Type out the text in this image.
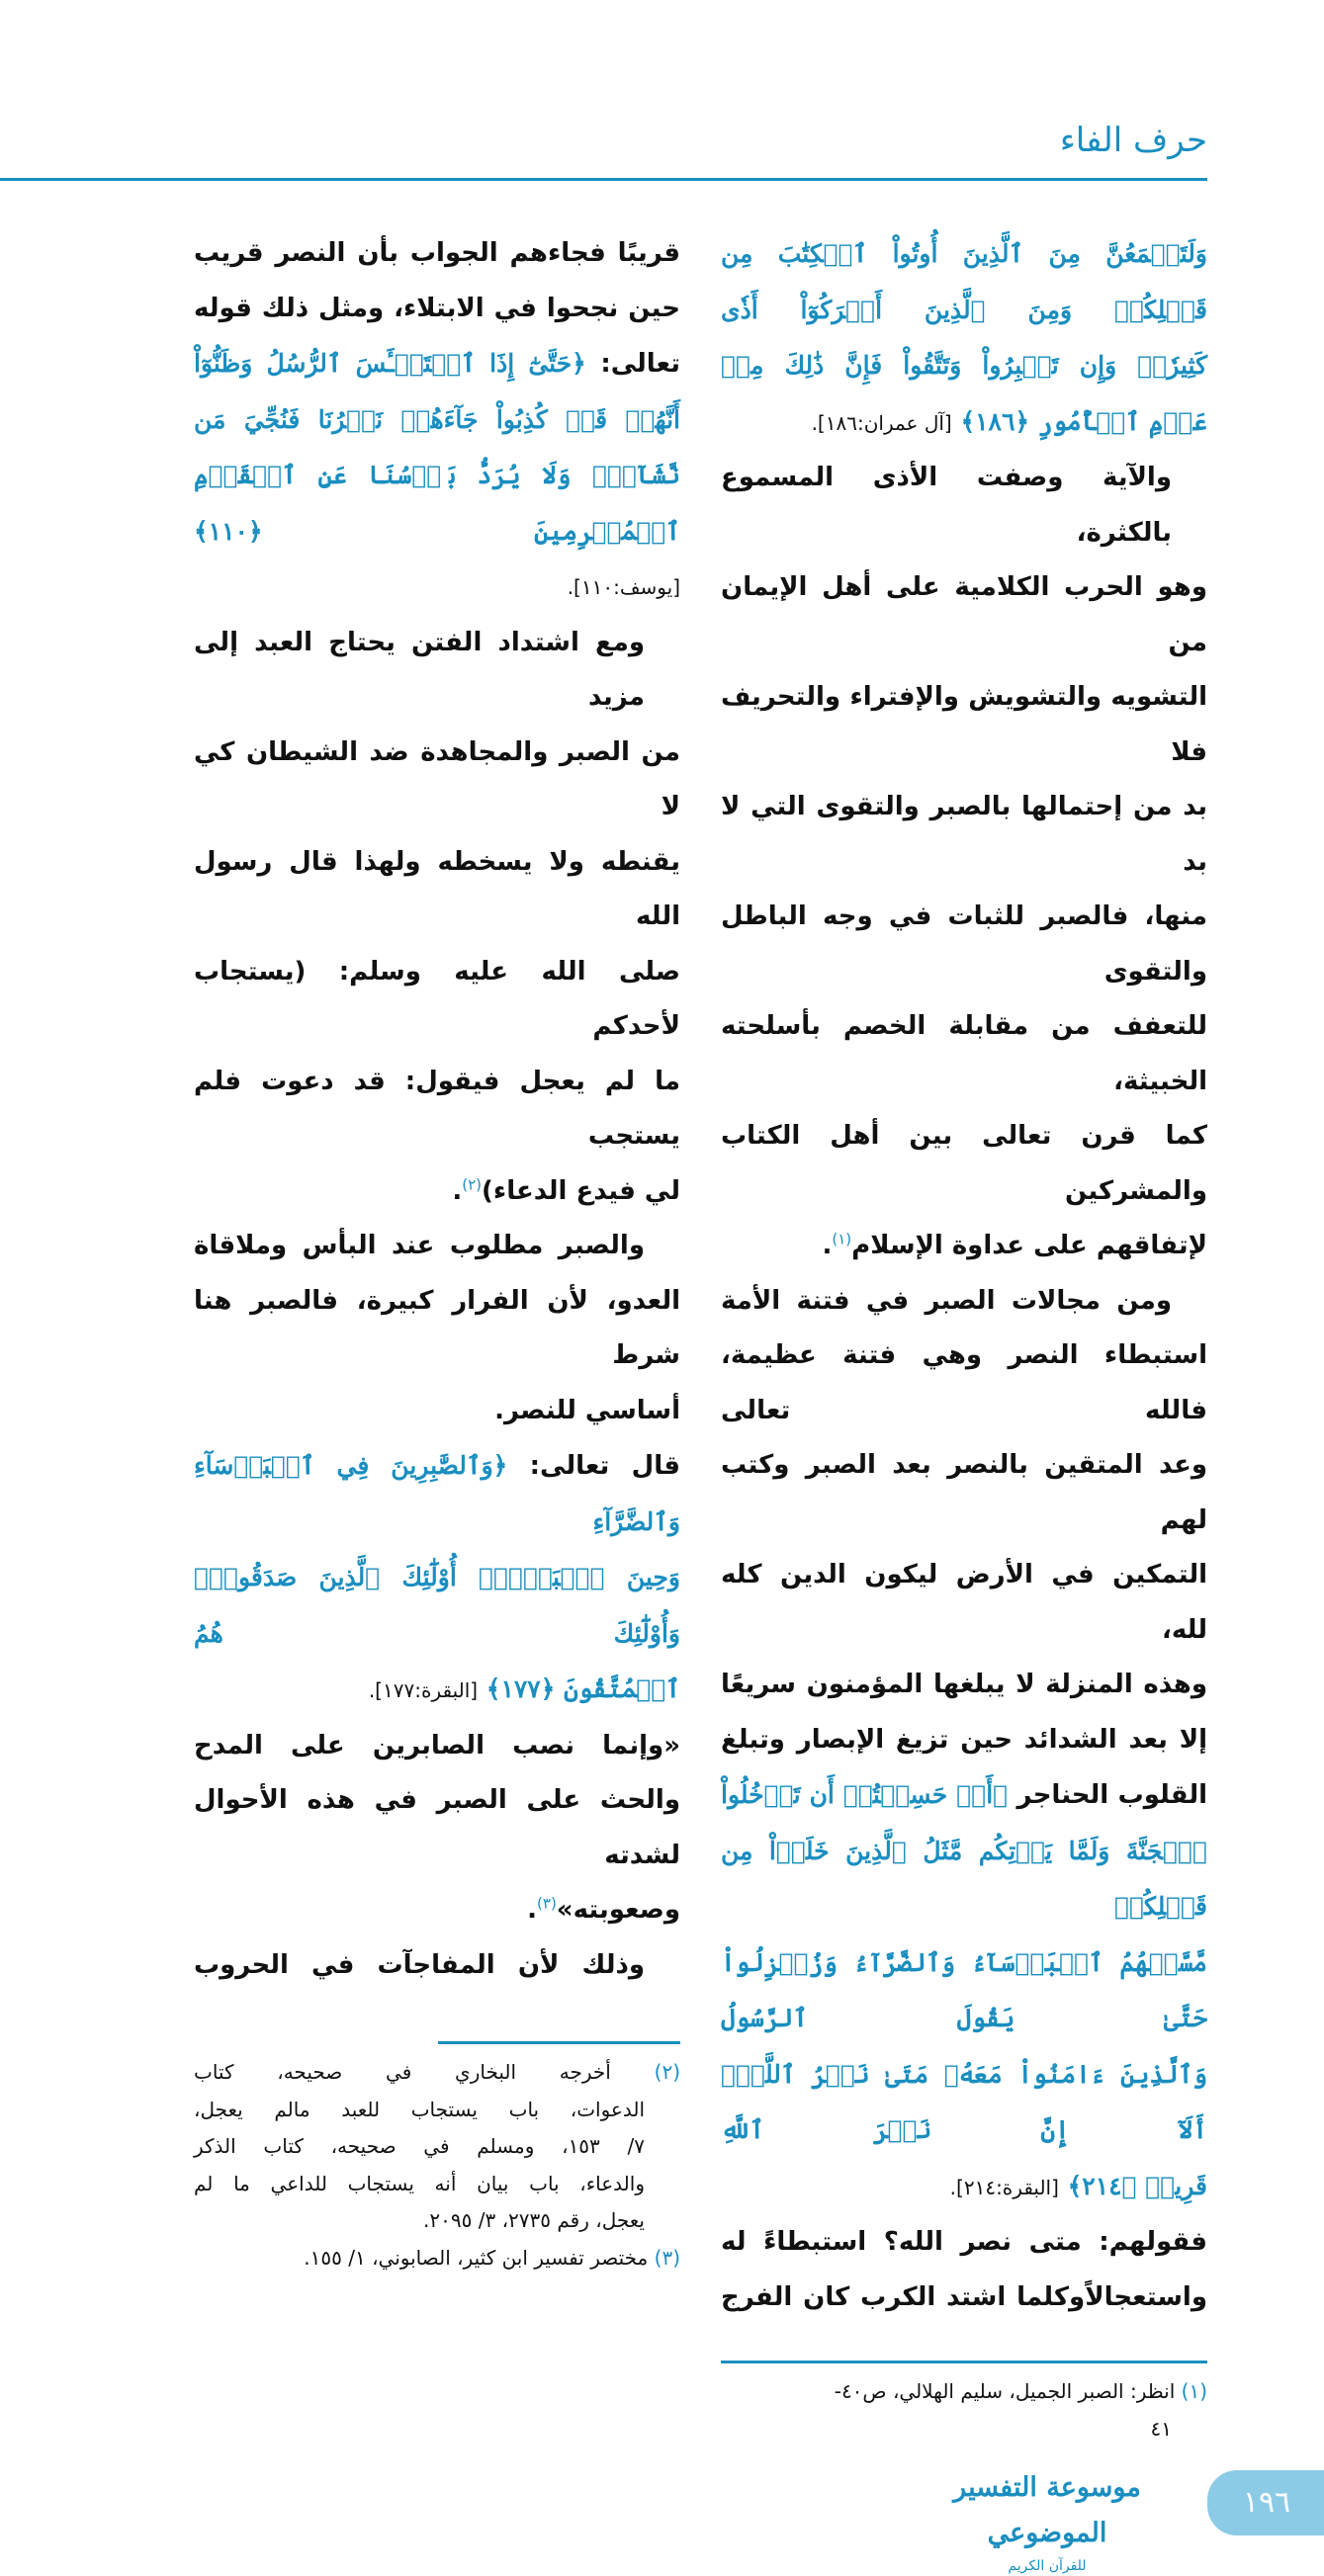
حرف الفاء
وَلَتَسۡمَعُنَّ مِنَ ٱلَّذِينَ أُوتُواْ ٱلۡكِتَٰبَ مِن
قَبۡلِكُمۡ وَمِنَ ٱلَّذِينَ أَشۡرَكُوٓاْ أَذٗى
كَثِيرٗاۚ وَإِن تَصۡبِرُواْ وَتَتَّقُواْ فَإِنَّ ذَٰلِكَ مِنۡ
عَزۡمِ ٱلۡأُمُورِ ﴿١٨٦﴾ [آل عمران:١٨٦].
والآية وصفت الأذى المسموع بالكثرة،
وهو الحرب الكلامية على أهل الإيمان من
التشويه والتشويش والإفتراء والتحريف فلا
بد من إحتمالها بالصبر والتقوى التي لا بد
منها، فالصبر للثبات في وجه الباطل والتقوى
للتعفف من مقابلة الخصم بأسلحته الخبيثة،
كما قرن تعالى بين أهل الكتاب والمشركين
لإتفاقهم على عداوة الإسلام$^{(١)}$.
ومن مجالات الصبر في فتنة الأمة
استبطاء النصر وهي فتنة عظيمة، فالله تعالى
وعد المتقين بالنصر بعد الصبر وكتب لهم
التمكين في الأرض ليكون الدين كله لله،
وهذه المنزلة لا يبلغها المؤمنون سريعًا
إلا بعد الشدائد حين تزيغ الإبصار وتبلغ
القلوب الحناجر ﴿أَمۡ حَسِبۡتُمۡ أَن تَدۡخُلُواْ
ٱلۡجَنَّةَ وَلَمَّا يَأۡتِكُم مَّثَلُ ٱلَّذِينَ خَلَوۡاْ مِن قَبۡلِكُمۖ
مَّسَّتۡهُمُ ٱلۡبَأۡسَآءُ وَٱلضَّرَّآءُ وَزُلۡزِلُواْ حَتَّىٰ يَقُولَ ٱلرَّسُولُ
وَٱلَّذِينَ ءَامَنُواْ مَعَهُۥ مَتَىٰ نَصۡرُ ٱللَّهِۗ أَلَآ إِنَّ نَصۡرَ ٱللَّهِ
قَرِيبٞ ﴿٢١٤﴾ [البقرة:٢١٤].
فقولهم: متى نصر الله؟ استبطاءً له
واستعجالاًوكلما اشتد الكرب كان الفرج
(١) انظر: الصبر الجميل، سليم الهلالي، ص٤٠-
٤١
قريبًا فجاءهم الجواب بأن النصر قريب
حين نجحوا في الابتلاء، ومثل ذلك قوله
تعالى: ﴿حَتَّىٰٓ إِذَا ٱسۡتَيۡـَٔسَ ٱلرُّسُلُ وَظَنُّوٓاْ
أَنَّهُمۡ قَدۡ كُذِبُواْ جَآءَهُمۡ نَصۡرُنَا فَنُجِّيَ مَن
نَّشَآءُۖ وَلَا يُرَدُّ بَأۡسُنَا عَنِ ٱلۡقَوۡمِ ٱلۡمُجۡرِمِينَ ﴿١١٠﴾
[يوسف:١١٠].
ومع اشتداد الفتن يحتاج العبد إلى مزيد
من الصبر والمجاهدة ضد الشيطان كي لا
يقنطه ولا يسخطه ولهذا قال رسول الله
صلى الله عليه وسلم: (يستجاب لأحدكم
ما لم يعجل فيقول: قد دعوت فلم يستجب
لي فيدع الدعاء)$^{(٢)}$.
والصبر مطلوب عند البأس وملاقاة
العدو، لأن الفرار كبيرة، فالصبر هنا شرط
أساسي للنصر.
قال تعالى: ﴿وَٱلصَّٰبِرِينَ فِي ٱلۡبَأۡسَآءِ وَٱلضَّرَّآءِ
وَحِينَ ٱلۡبَأۡسِۗ أُوْلَٰٓئِكَ ٱلَّذِينَ صَدَقُواْۖ وَأُوْلَٰٓئِكَ هُمُ
ٱلۡمُتَّقُونَ ﴿١٧٧﴾ [البقرة:١٧٧].
«وإنما نصب الصابرين على المدح
والحث على الصبر في هذه الأحوال لشدته
وصعوبته»$^{(٣)}$.
وذلك لأن المفاجآت في الحروب
(٢) أخرجه البخاري في صحيحه، كتاب
الدعوات، باب يستجاب للعبد مالم يعجل،
٧/ ١٥٣، ومسلم في صحيحه، كتاب الذكر
والدعاء، باب بيان أنه يستجاب للداعي ما لم
يعجل، رقم ٢٧٣٥، ٣/ ٢٠٩٥.
(٣) مختصر تفسير ابن كثير، الصابوني، ١/ ١٥٥.
موسوعة التفسير الموضوعي
للقرآن الكريم
١٩٦
